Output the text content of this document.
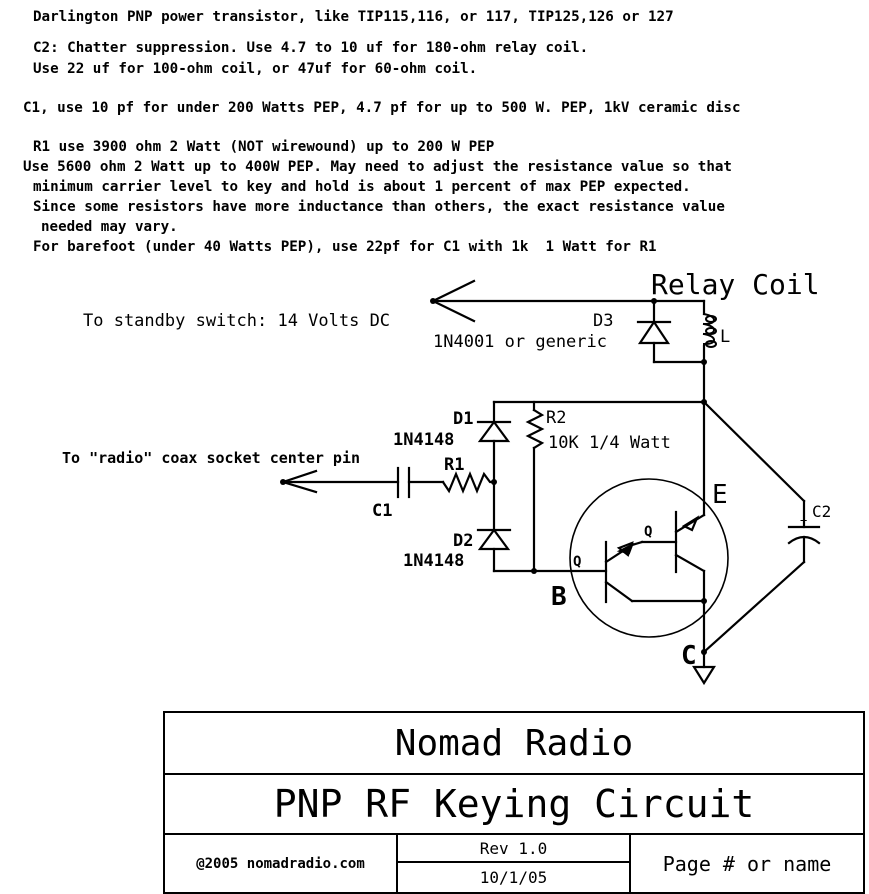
Darlington PNP power transistor, like TIP115,116, or 117, TIP125,126 or 127
C2: Chatter suppression. Use 4.7 to 10 uf for 180-ohm relay coil.
Use 22 uf for 100-ohm coil, or 47uf for 60-ohm coil.
C1, use 10 pf for under 200 Watts PEP, 4.7 pf for up to 500 W. PEP, 1kV ceramic disc
R1 use 3900 ohm 2 Watt (NOT wirewound) up to 200 W PEP
Use 5600 ohm 2 Watt up to 400W PEP. May need to adjust the resistance value so that
minimum carrier level to key and hold is about 1 percent of max PEP expected.
Since some resistors have more inductance than others, the exact resistance value
needed may vary.
For barefoot (under 40 Watts PEP), use 22pf for C1 with 1k  1 Watt for R1
Relay Coil
L
To standby switch: 14 Volts DC	D3
1N4001 or generic
D1
1N4148
R2
10K 1/4 Watt
To "radio" coax socket center pin	R1
C1
D2
1N4148	Q
Q
E
B
C
C2
+
Nomad Radio
PNP RF Keying Circuit
@2005 nomadradio.com
Rev 1.0
10/1/05
Page # or name
